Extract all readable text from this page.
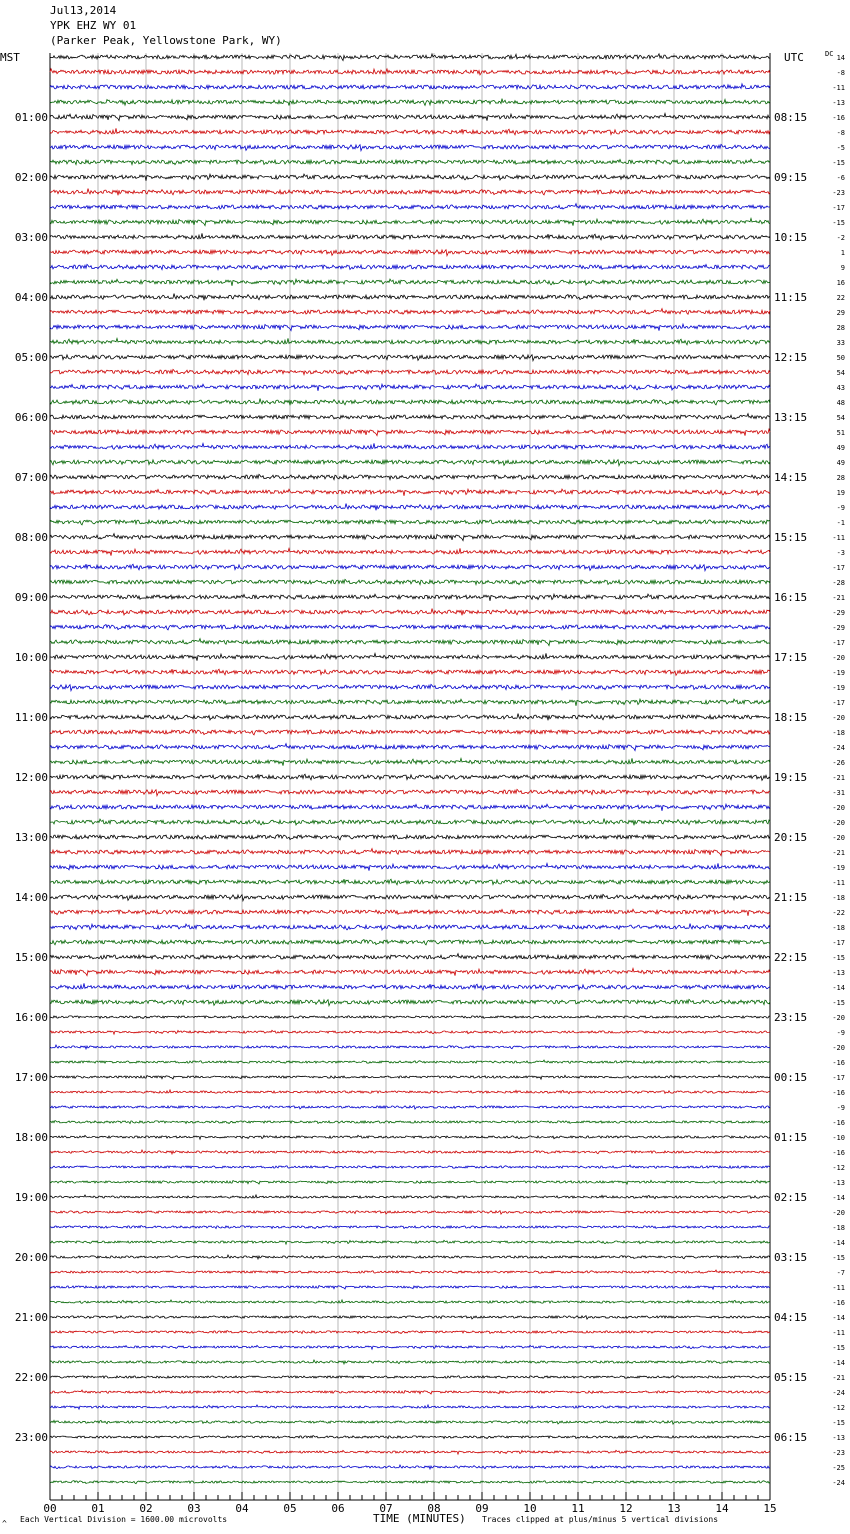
Jul13,2014
YPK EHZ WY 01
(Parker Peak, Yellowstone Park, WY)
MST	UTC	DC
01:00	08:15
02:00	09:15
03:00	10:15
04:00	11:15
05:00	12:15
06:00	13:15
07:00	14:15
08:00	15:15
09:00	16:15
10:00	17:15
11:00	18:15
12:00	19:15
13:00	20:15
14:00	21:15
15:00	22:15
16:00	23:15
17:00	00:15
18:00	01:15
19:00	02:15
20:00	03:15
21:00	04:15
22:00	05:15
23:00	06:15
14
-8
-11
-13
-16
-8
-5
-15
-6
-23
-17
-15
-2
1
9
16
22
29
28
33
50
54
43
48
54
51
49
49
28
19
-9
-1
-11
-3
-17
-28
-21
-29
-29
-17
-20
-19
-19
-17
-20
-18
-24
-26
-21
-31
-20
-20
-20
-21
-19
-11
-18
-22
-18
-17
-15
-13
-14
-15
-20
-9
-20
-16
-17
-16
-9
-16
-10
-16
-12
-13
-14
-20
-18
-14
-15
-7
-11
-16
-14
-11
-15
-14
-21
-24
-12
-15
-13
-23
-25
-24
00	01	02	03	04	05	06	07	08	09	10	11	12	13	14	15
^ Each Vertical Division = 1600.00 microvolts	TIME (MINUTES) Traces clipped at plus/minus 5 vertical divisions
